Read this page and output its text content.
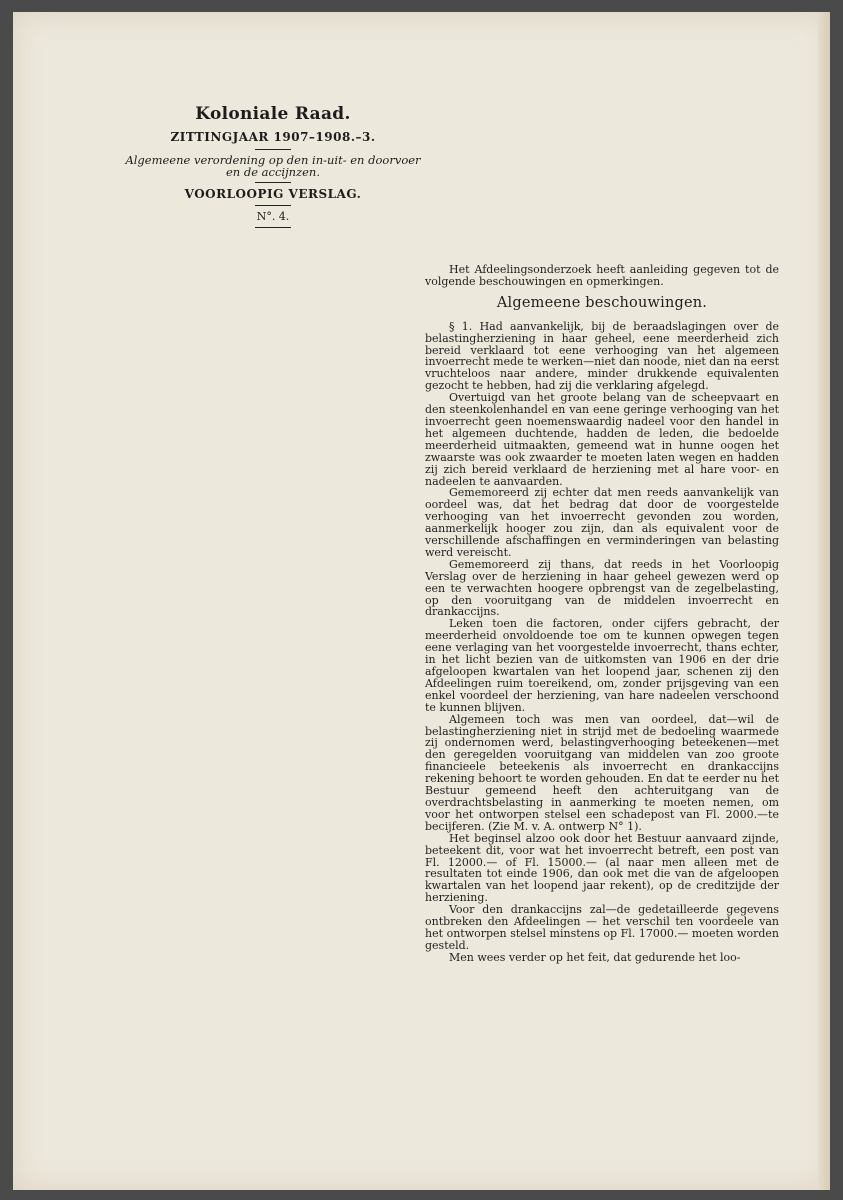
Koloniale Raad.
ZITTINGJAAR 1907–1908.–3.
Algemeene verordening op den in-uit- en doorvoer en de accijnzen.
VOORLOOPIG VERSLAG.
N°. 4.

Het Afdeelingsonderzoek heeft aanleiding gegeven tot de volgende beschouwingen en opmerkingen.

Algemeene beschouwingen.

§ 1. Had aanvankelijk, bij de beraadslagingen over de belastingherziening in haar geheel, eene meerderheid zich bereid verklaard tot eene verhooging van het algemeen invoerrecht mede te werken—niet dan noode, niet dan na eerst vruchteloos naar andere, minder drukkende equivalenten gezocht te hebben, had zij die verklaring afgelegd.

Overtuigd van het groote belang van de scheepvaart en den steenkolenhandel en van eene geringe verhooging van het invoerrecht geen noemenswaardig nadeel voor den handel in het algemeen duchtende, hadden de leden, die bedoelde meerderheid uitmaakten, gemeend wat in hunne oogen het zwaarste was ook zwaarder te moeten laten wegen en hadden zij zich bereid verklaard de herziening met al hare voor- en nadeelen te aanvaarden.

Gememoreerd zij echter dat men reeds aanvankelijk van oordeel was, dat het bedrag dat door de voorgestelde verhooging van het invoerrecht gevonden zou worden, aanmerkelijk hooger zou zijn, dan als equivalent voor de verschillende afschaffingen en verminderingen van belasting werd vereischt.

Gememoreerd zij thans, dat reeds in het Voorloopig Verslag over de herziening in haar geheel gewezen werd op een te verwachten hoogere opbrengst van de zegelbelasting, op den vooruitgang van de middelen invoerrecht en drankaccijns.

Leken toen die factoren, onder cijfers gebracht, der meerderheid onvoldoende toe om te kunnen opwegen tegen eene verlaging van het voorgestelde invoerrecht, thans echter, in het licht bezien van de uitkomsten van 1906 en der drie afgeloopen kwartalen van het loopend jaar, schenen zij den Afdeelingen ruim toereikend, om, zonder prijsgeving van een enkel voordeel der herziening, van hare nadeelen verschoond te kunnen blijven.

Algemeen toch was men van oordeel, dat—wil de belastingherziening niet in strijd met de bedoeling waarmede zij ondernomen werd, belastingverhooging beteekenen—met den geregelden vooruitgang van middelen van zoo groote financieele beteekenis als invoerrecht en drankaccijns rekening behoort te worden gehouden. En dat te eerder nu het Bestuur gemeend heeft den achteruitgang van de overdrachtsbelasting in aanmerking te moeten nemen, om voor het ontworpen stelsel een schadepost van Fl. 2000.—te becijferen. (Zie M. v. A. ontwerp N° 1).

Het beginsel alzoo ook door het Bestuur aanvaard zijnde, beteekent dit, voor wat het invoerrecht betreft, een post van Fl. 12000.— of Fl. 15000.— (al naar men alleen met de resultaten tot einde 1906, dan ook met die van de afgeloopen kwartalen van het loopend jaar rekent), op de creditzijde der herziening.

Voor den drankaccijns zal—de gedetailleerde gegevens ontbreken den Afdeelingen — het verschil ten voordeele van het ontworpen stelsel minstens op Fl. 17000.— moeten worden gesteld.

Men wees verder op het feit, dat gedurende het loo-
